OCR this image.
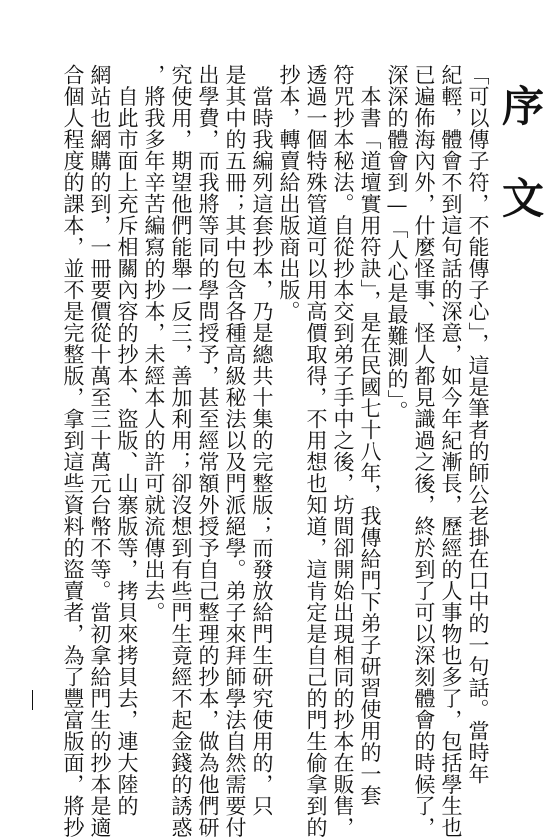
序
文
「可以傳子符，不能傳子心」，這是筆者的師公老掛在口中的一句話。當時年
紀輕，體會不到這句話的深意，如今年紀漸長，歷經的人事物也多了，包括學生也
已遍佈海內外，什麼怪事、怪人都見識過之後，終於到了可以深刻體會的時候了，
深深的體會到—「人心是最難測的」。
　本書「道壇實用符訣」，是在民國七十八年，我傳給門下弟子研習使用的一套
符咒抄本秘法。自從抄本交到弟子手中之後，坊間卻開始出現相同的抄本在販售，
透過一個特殊管道可以用高價取得，不用想也知道，這肯定是自己的門生偷拿到的
抄本，轉賣給出版商出版。
　當時我編列這套抄本，乃是總共十集的完整版；而發放給門生研究使用的，只
是其中的五冊；其中包含各種高級秘法以及門派絕學。弟子來拜師學法自然需要付
出學費，而我將等同的學問授予，甚至經常額外授予自己整理的抄本，做為他們研
究使用，期望他們能舉一反三，善加利用；卻沒想到有些門生竟經不起金錢的誘惑
，將我多年辛苦編寫的抄本，未經本人的許可就流傳出去。
　自此市面上充斥相關內容的抄本、盜版、山寨版等，拷貝來拷貝去，連大陸的
網站也網購的到，一冊要價從十萬至三十萬元台幣不等。當初拿給門生的抄本是適
合個人程度的課本，並不是完整版，拿到這些資料的盜賣者，為了豐富版面，將抄
